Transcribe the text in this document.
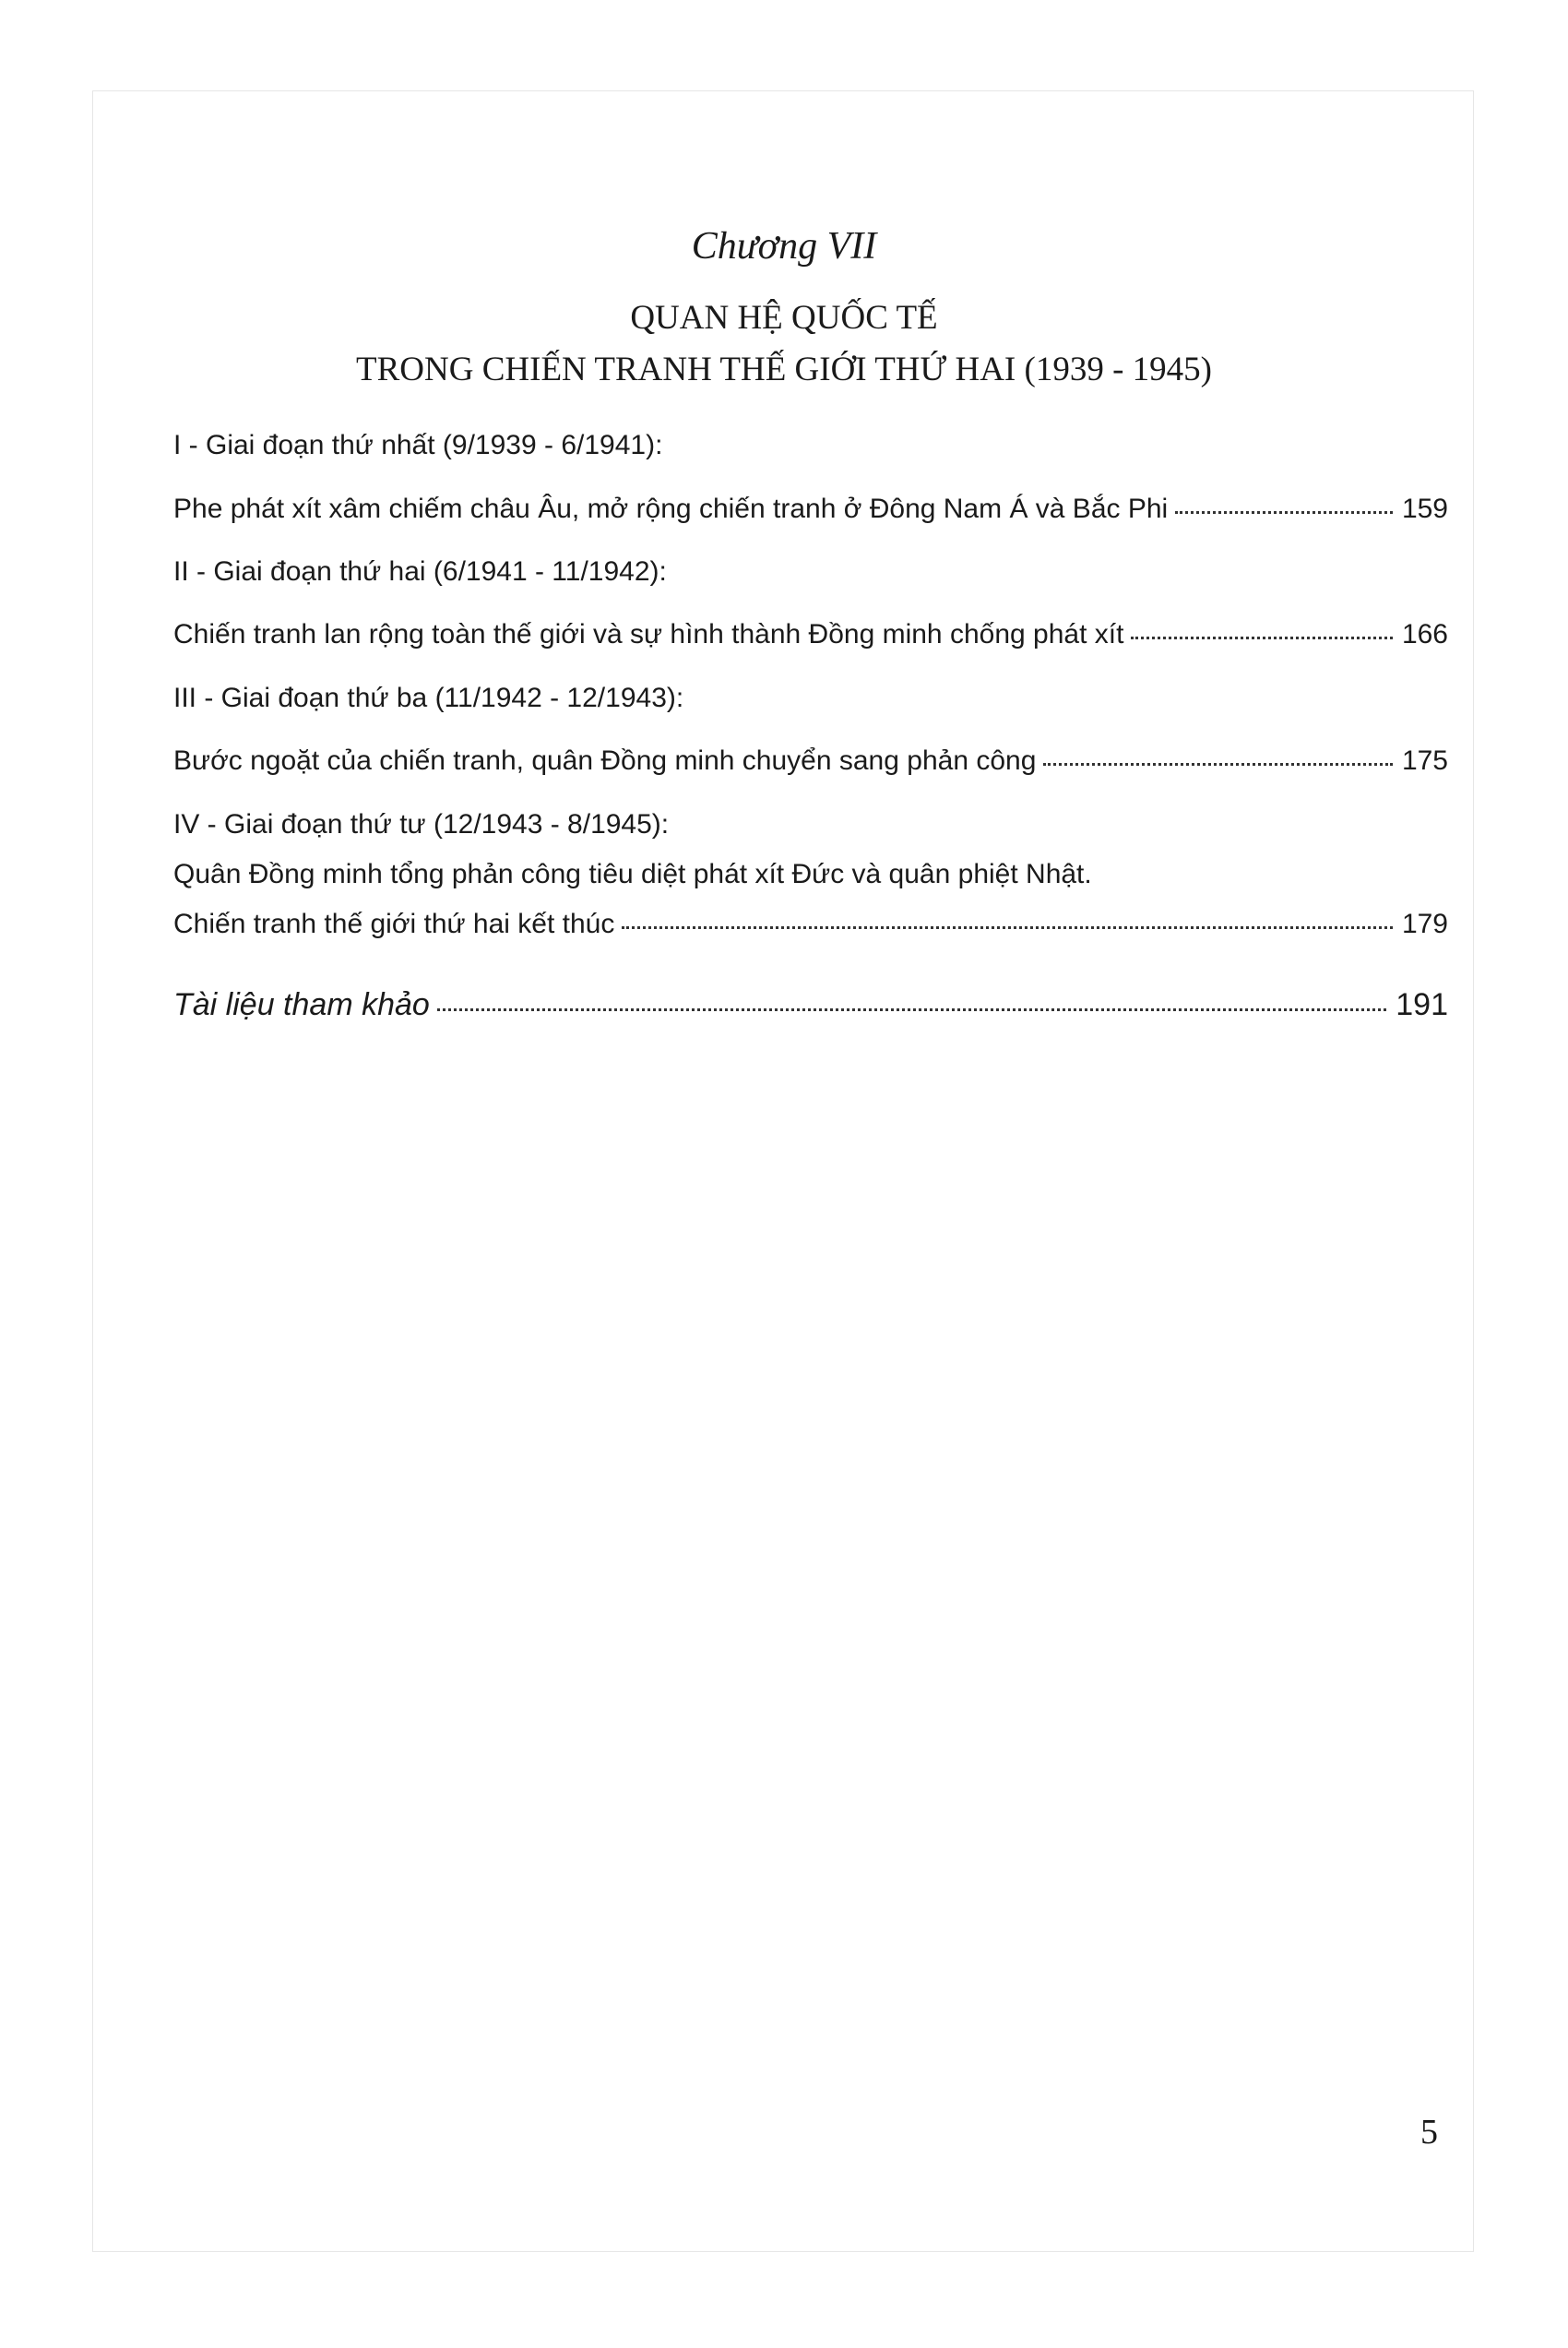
Chương VII
QUAN HỆ QUỐC TẾ
TRONG CHIẾN TRANH THẾ GIỚI THỨ HAI (1939 - 1945)
I - Giai đoạn thứ nhất (9/1939 - 6/1941):
Phe phát xít xâm chiếm châu Âu, mở rộng chiến tranh ở Đông Nam Á và Bắc Phi	159
II - Giai đoạn thứ hai (6/1941 - 11/1942):
Chiến tranh lan rộng toàn thế giới và sự hình thành Đồng minh chống phát xít	166
III - Giai đoạn thứ ba (11/1942 - 12/1943):
Bước ngoặt của chiến tranh, quân Đồng minh chuyển sang phản công	175
IV - Giai đoạn thứ tư (12/1943 - 8/1945):
Quân Đồng minh tổng phản công tiêu diệt phát xít Đức và quân phiệt Nhật.
Chiến tranh thế giới thứ hai kết thúc	179
Tài liệu tham khảo	191
5
